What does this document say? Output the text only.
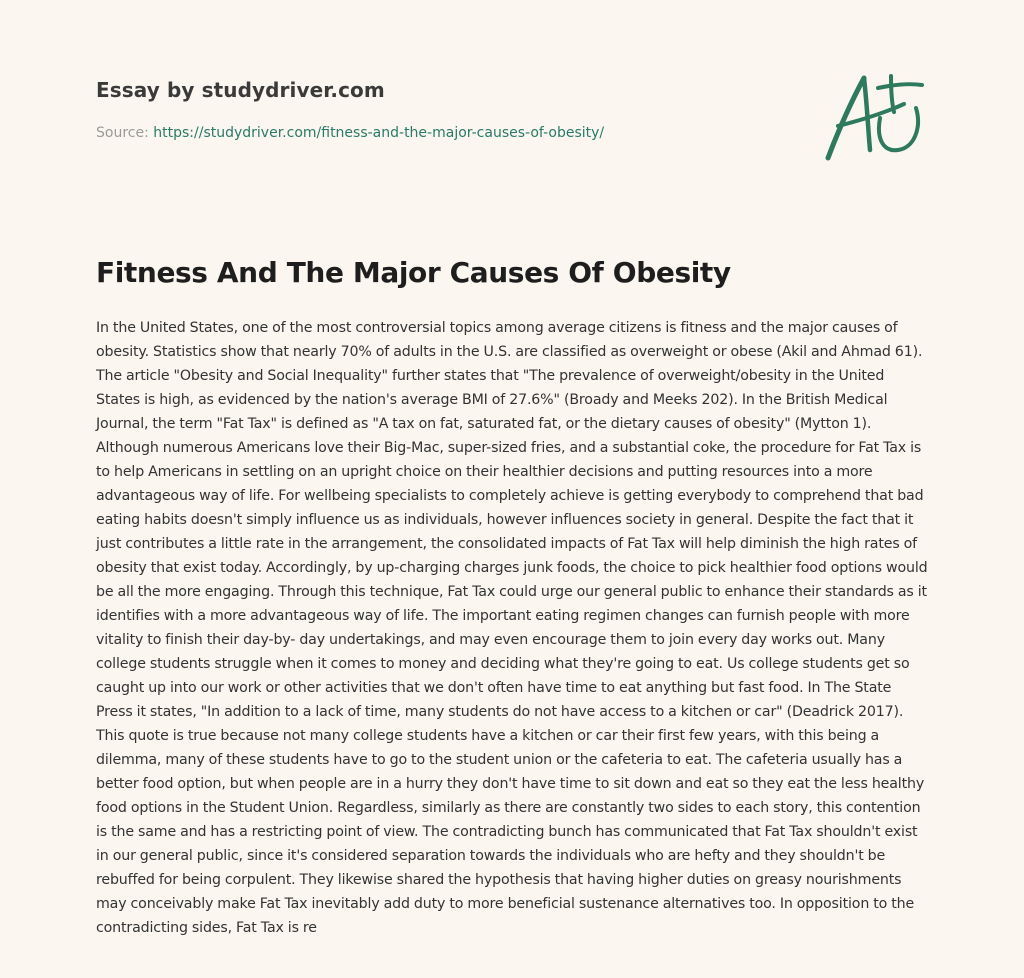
Essay by studydriver.com
Source: https://studydriver.com/fitness-and-the-major-causes-of-obesity/
Fitness And The Major Causes Of Obesity

In the United States, one of the most controversial topics among average citizens is fitness and the major causes of obesity. Statistics show that nearly 70% of adults in the U.S. are classified as overweight or obese (Akil and Ahmad 61). The article "Obesity and Social Inequality" further states that "The prevalence of overweight/obesity in the United States is high, as evidenced by the nation's average BMI of 27.6%" (Broady and Meeks 202). In the British Medical Journal, the term "Fat Tax" is defined as "A tax on fat, saturated fat, or the dietary causes of obesity" (Mytton 1). Although numerous Americans love their Big-Mac, super-sized fries, and a substantial coke, the procedure for Fat Tax is to help Americans in settling on an upright choice on their healthier decisions and putting resources into a more advantageous way of life. For wellbeing specialists to completely achieve is getting everybody to comprehend that bad eating habits doesn't simply influence us as individuals, however influences society in general. Despite the fact that it just contributes a little rate in the arrangement, the consolidated impacts of Fat Tax will help diminish the high rates of obesity that exist today. Accordingly, by up-charging charges junk foods, the choice to pick healthier food options would be all the more engaging. Through this technique, Fat Tax could urge our general public to enhance their standards as it identifies with a more advantageous way of life. The important eating regimen changes can furnish people with more vitality to finish their day-by- day undertakings, and may even encourage them to join every day works out. Many college students struggle when it comes to money and deciding what they're going to eat. Us college students get so caught up into our work or other activities that we don't often have time to eat anything but fast food. In The State Press it states, "In addition to a lack of time, many students do not have access to a kitchen or car" (Deadrick 2017). This quote is true because not many college students have a kitchen or car their first few years, with this being a dilemma, many of these students have to go to the student union or the cafeteria to eat. The cafeteria usually has a better food option, but when people are in a hurry they don't have time to sit down and eat so they eat the less healthy food options in the Student Union. Regardless, similarly as there are constantly two sides to each story, this contention is the same and has a restricting point of view. The contradicting bunch has communicated that Fat Tax shouldn't exist in our general public, since it's considered separation towards the individuals who are hefty and they shouldn't be rebuffed for being corpulent. They likewise shared the hypothesis that having higher duties on greasy nourishments may conceivably make Fat Tax inevitably add duty to more beneficial sustenance alternatives too. In opposition to the contradicting sides, Fat Tax is re
